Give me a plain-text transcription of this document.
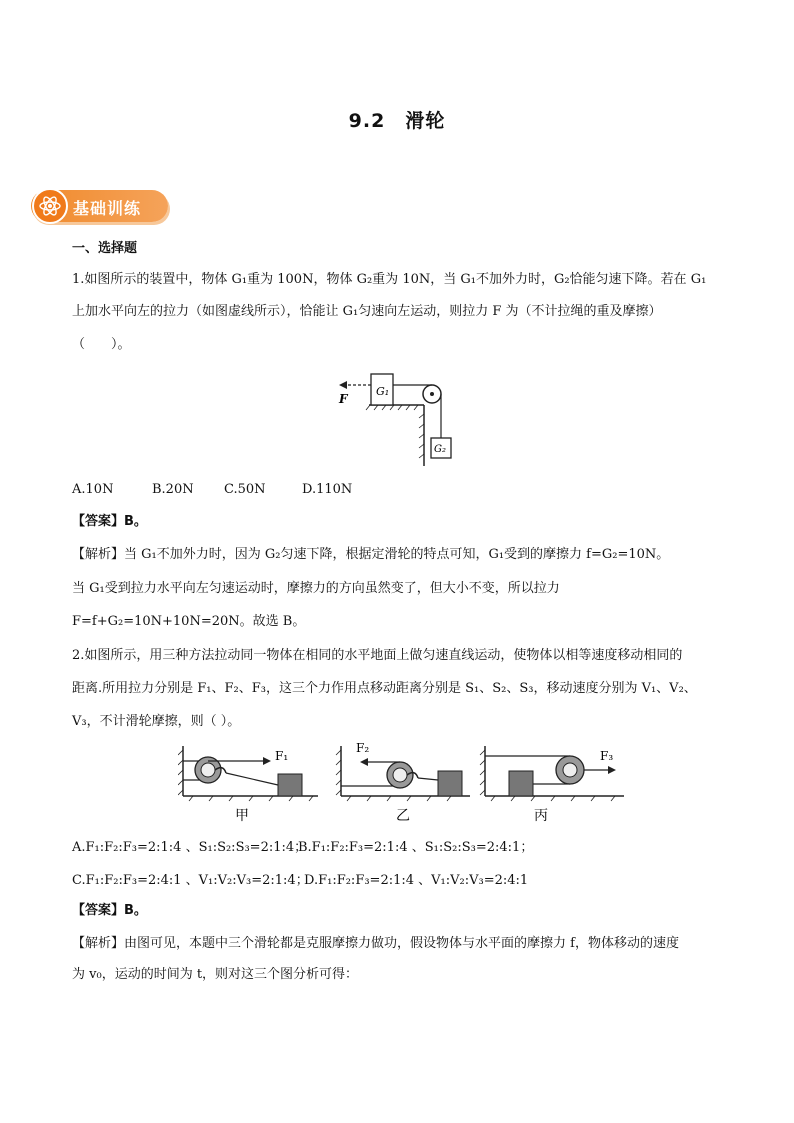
9.2　滑轮
基础训练
一、选择题
1.如图所示的装置中，物体 G₁重为 100N，物体 G₂重为 10N，当 G₁不加外力时，G₂恰能匀速下降。若在 G₁
上加水平向左的拉力（如图虚线所示），恰能让 G₁匀速向左运动，则拉力 F 为（不计拉绳的重及摩擦）
（　　）。
G₁
G₂
F
A.10N	B.20N C.50N	D.110N
【答案】B。
【解析】当 G₁不加外力时，因为 G₂匀速下降，根据定滑轮的特点可知，G₁受到的摩擦力 f=G₂=10N。
当 G₁受到拉力水平向左匀速运动时，摩擦力的方向虽然变了，但大小不变，所以拉力
F=f+G₂=10N+10N=20N。故选 B。
2.如图所示，用三种方法拉动同一物体在相同的水平地面上做匀速直线运动，使物体以相等速度移动相同的
距离.所用拉力分别是 F₁、F₂、F₃，这三个力作用点移动距离分别是 S₁、S₂、S₃，移动速度分别为 V₁、V₂、
V₃，不计滑轮摩擦，则（ ）。
F₁
甲
F₂
乙
F₃
丙
A.F₁:F₂:F₃=2:1:4 、S₁:S₂:S₃=2:1:4；
B.F₁:F₂:F₃=2:1:4 、S₁:S₂:S₃=2:4:1；
C.F₁:F₂:F₃=2:4:1 、V₁:V₂:V₃=2:1:4；
D.F₁:F₂:F₃=2:1:4 、V₁:V₂:V₃=2:4:1
【答案】B。
【解析】由图可见，本题中三个滑轮都是克服摩擦力做功，假设物体与水平面的摩擦力 f，物体移动的速度
为 v₀，运动的时间为 t，则对这三个图分析可得：
